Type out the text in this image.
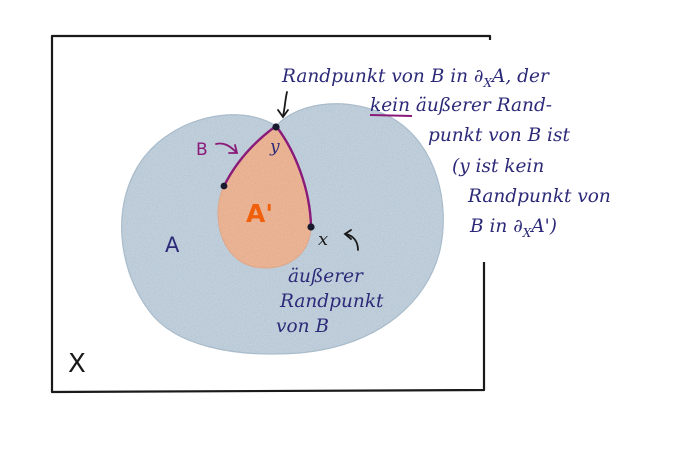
X
A
A'
B	y
x
Randpunkt von B in $\partial_XA$, der
kein äußerer Rand-
punkt von B ist
(y ist kein
Randpunkt von
B in $\partial_XA'$)
äußerer
Randpunkt
von B
